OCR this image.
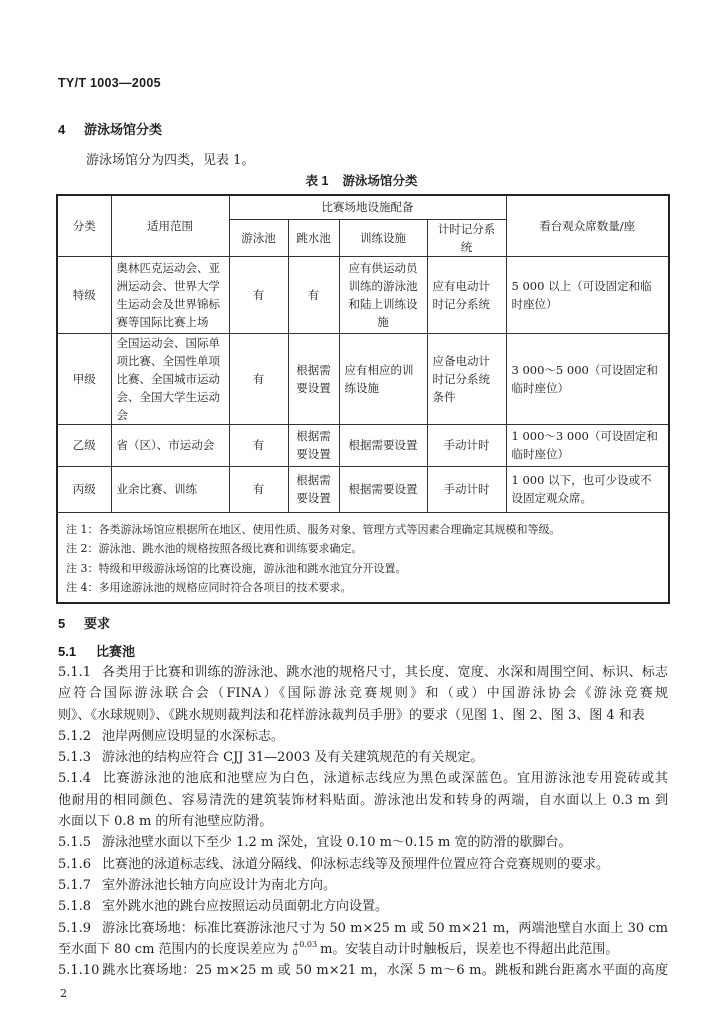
TY/T 1003—2005
4 游泳场馆分类
游泳场馆分为四类，见表 1。
表 1 游泳场馆分类
分类	适用范围	比赛场地设施配备				看台观众席数量/座
		游泳池	跳水池	训练设施	计时记分系统	
特级	奥林匹克运动会、亚洲运动会、世界大学生运动会及世界锦标赛等国际比赛上场	有	有	应有供运动员训练的游泳池和陆上训练设施	应有电动计时记分系统	5 000 以上（可设固定和临时座位）
甲级	全国运动会、国际单项比赛、全国性单项比赛、全国城市运动会、全国大学生运动会	有	根据需要设置	应有相应的训练设施	应备电动计时记分系统条件	3 000～5 000（可设固定和临时座位）
乙级	省（区）、市运动会	有	根据需要设置	根据需要设置	手动计时	1 000～3 000（可设固定和临时座位）
丙级	业余比赛、训练	有	根据需要设置	根据需要设置	手动计时	1 000 以下，也可少设或不设固定观众席。

注 1：各类游泳场馆应根据所在地区、使用性质、服务对象、管理方式等因素合理确定其规模和等级。
注 2：游泳池、跳水池的规格按照各级比赛和训练要求确定。
注 3：特级和甲级游泳场馆的比赛设施，游泳池和跳水池宜分开设置。
注 4：多用途游泳池的规格应同时符合各项目的技术要求。						
5 要求
5.1 比赛池
5.1.1 各类用于比赛和训练的游泳池、跳水池的规格尺寸，其长度、宽度、水深和周围空间、标识、标志
应符合国际游泳联合会（FINA）《国际游泳竞赛规则》和（或）中国游泳协会《游泳竞赛规
则》、《水球规则》、《跳水规则裁判法和花样游泳裁判员手册》的要求（见图 1、图 2、图 3、图 4 和表
5.1.2 池岸两侧应设明显的水深标志。
5.1.3 游泳池的结构应符合 CJJ 31—2003 及有关建筑规范的有关规定。
5.1.4 比赛游泳池的池底和池壁应为白色，泳道标志线应为黑色或深蓝色。宜用游泳池专用瓷砖或其
他耐用的相同颜色、容易清洗的建筑装饰材料贴面。游泳池出发和转身的两端，自水面以上 0.3 m 到
水面以下 0.8 m 的所有池壁应防滑。
5.1.5 游泳池壁水面以下至少 1.2 m 深处，宜设 0.10 m～0.15 m 宽的防滑的歇脚台。
5.1.6 比赛池的泳道标志线、泳道分隔线、仰泳标志线等及预埋件位置应符合竞赛规则的要求。
5.1.7 室外游泳池长轴方向应设计为南北方向。
5.1.8 室外跳水池的跳台应按照运动员面朝北方向设置。
5.1.9 游泳比赛场地：标准比赛游泳池尺寸为 50 m×25 m 或 50 m×21 m，两端池壁自水面上 30 cm
至水面下 80 cm 范围内的长度误差应为 +0.03
0 m。安装自动计时触板后，误差也不得超出此范围。
5.1.10 跳水比赛场地：25 m×25 m 或 50 m×21 m，水深 5 m～6 m。跳板和跳台距离水平面的高度
2
